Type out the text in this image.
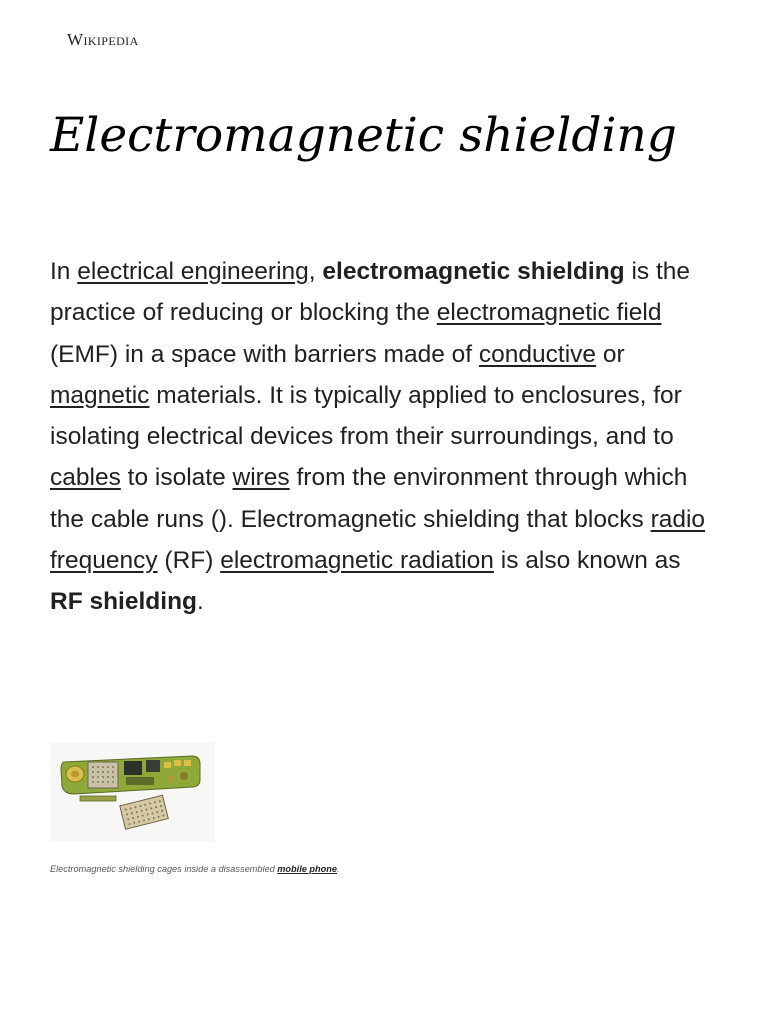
Wikipedia
Electromagnetic shielding

In electrical engineering, electromagnetic shielding is the practice of reducing or blocking the electromagnetic field (EMF) in a space with barriers made of conductive or magnetic materials. It is typically applied to enclosures, for isolating electrical devices from their surroundings, and to cables to isolate wires from the environment through which the cable runs (). Electromagnetic shielding that blocks radio frequency (RF) electromagnetic radiation is also known as RF shielding.

Electromagnetic shielding cages inside a disassembled mobile phone.
